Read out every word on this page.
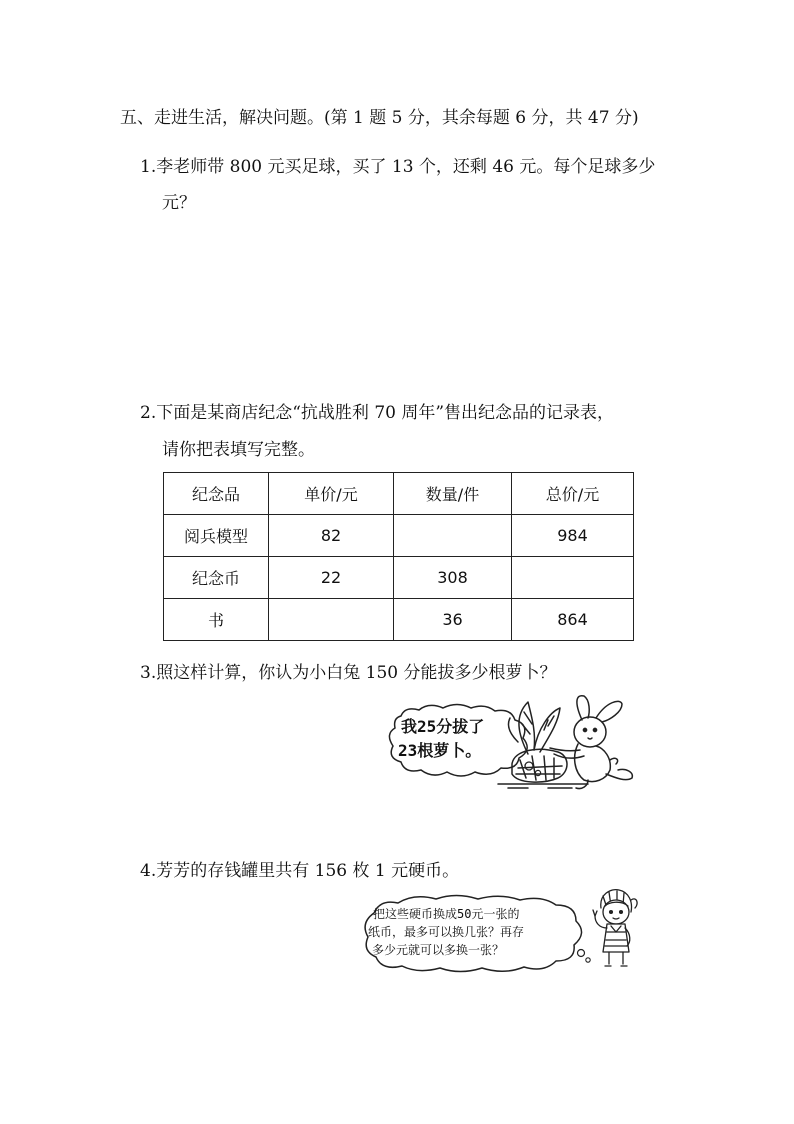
五、走进生活，解决问题。(第 1 题 5 分，其余每题 6 分，共 47 分)
1.李老师带 800 元买足球，买了 13 个，还剩 46 元。每个足球多少
元？
2.下面是某商店纪念“抗战胜利 70 周年”售出纪念品的记录表，
请你把表填写完整。
纪念品	单价/元	数量/件	总价/元
阅兵模型	82		984
纪念币	22	308	
书		36	864
3.照这样计算，你认为小白兔 150 分能拔多少根萝卜？
我25分拔了
23根萝卜。
4.芳芳的存钱罐里共有 156 枚 1 元硬币。
把这些硬币换成50元一张的
纸币，最多可以换几张？再存
多少元就可以多换一张？
